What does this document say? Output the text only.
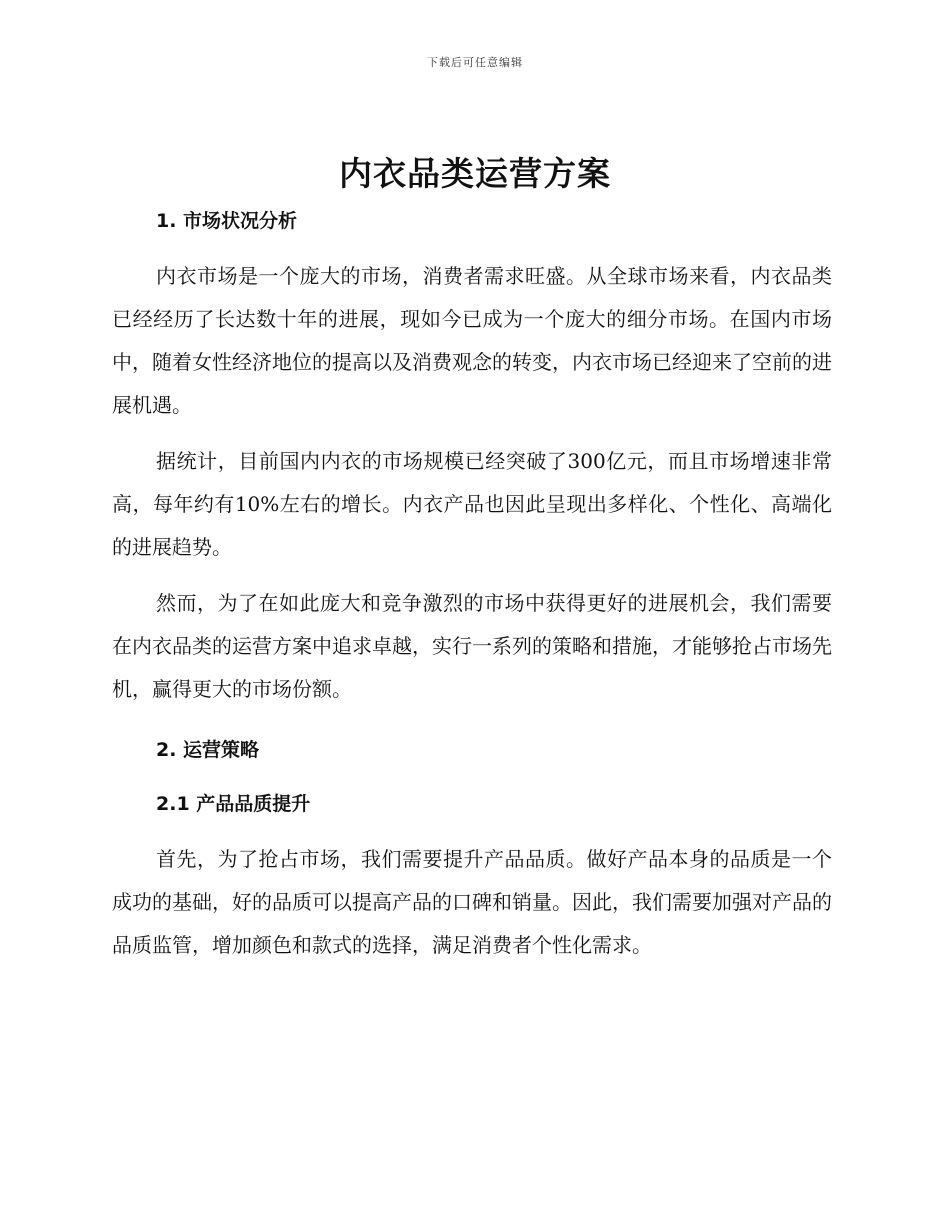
下载后可任意编辑
内衣品类运营方案
1. 市场状况分析

内衣市场是一个庞大的市场，消费者需求旺盛。从全球市场来看，内衣品类已经经历了长达数十年的进展，现如今已成为一个庞大的细分市场。在国内市场中，随着女性经济地位的提高以及消费观念的转变，内衣市场已经迎来了空前的进展机遇。

据统计，目前国内内衣的市场规模已经突破了300亿元，而且市场增速非常高，每年约有10%左右的增长。内衣产品也因此呈现出多样化、个性化、高端化的进展趋势。

然而，为了在如此庞大和竞争激烈的市场中获得更好的进展机会，我们需要在内衣品类的运营方案中追求卓越，实行一系列的策略和措施，才能够抢占市场先机，赢得更大的市场份额。

2. 运营策略
2.1 产品品质提升

首先，为了抢占市场，我们需要提升产品品质。做好产品本身的品质是一个成功的基础，好的品质可以提高产品的口碑和销量。因此，我们需要加强对产品的品质监管，增加颜色和款式的选择，满足消费者个性化需求。
